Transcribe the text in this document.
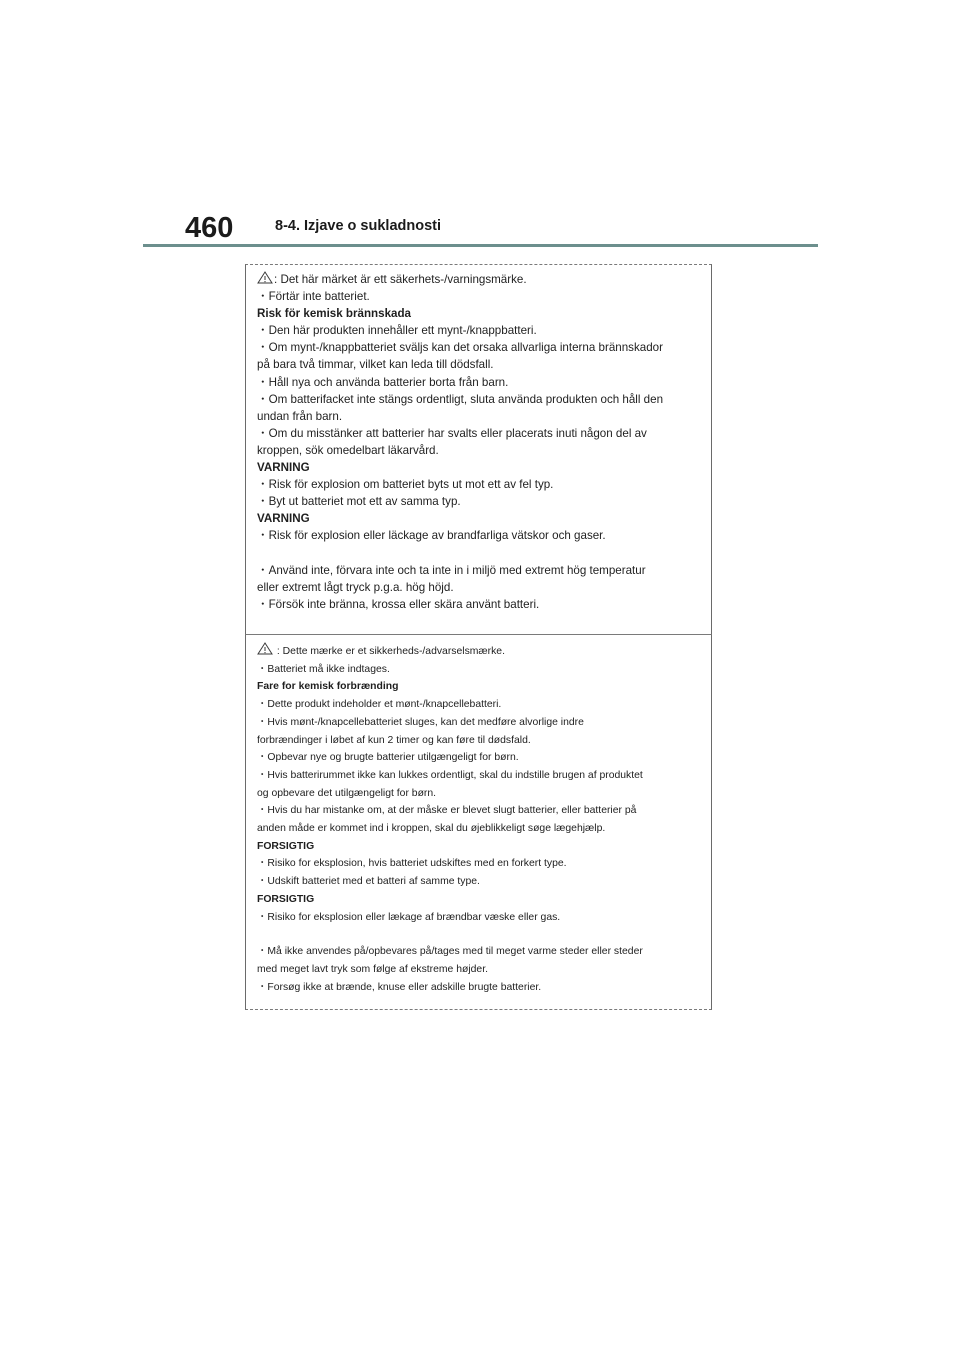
460	8-4. Izjave o sukladnosti
: Det här märket är ett säkerhets-/varningsmärke.
・Förtär inte batteriet.
Risk för kemisk brännskada
・Den här produkten innehåller ett mynt-/knappbatteri.
・Om mynt-/knappbatteriet sväljs kan det orsaka allvarliga interna brännskador
på bara två timmar, vilket kan leda till dödsfall.
・Håll nya och använda batterier borta från barn.
・Om batterifacket inte stängs ordentligt, sluta använda produkten och håll den
undan från barn.
・Om du misstänker att batterier har svalts eller placerats inuti någon del av
kroppen, sök omedelbart läkarvård.
VARNING
・Risk för explosion om batteriet byts ut mot ett av fel typ.
・Byt ut batteriet mot ett av samma typ.
VARNING
・Risk för explosion eller läckage av brandfarliga vätskor och gaser.
・Använd inte, förvara inte och ta inte in i miljö med extremt hög temperatur
eller extremt lågt tryck p.g.a. hög höjd.
・Försök inte bränna, krossa eller skära använt batteri.
: Dette mærke er et sikkerheds-/advarselsmærke.
・Batteriet må ikke indtages.
Fare for kemisk forbrænding
・Dette produkt indeholder et mønt-/knapcellebatteri.
・Hvis mønt-/knapcellebatteriet sluges, kan det medføre alvorlige indre
forbrændinger i løbet af kun 2 timer og kan føre til dødsfald.
・Opbevar nye og brugte batterier utilgængeligt for børn.
・Hvis batterirummet ikke kan lukkes ordentligt, skal du indstille brugen af produktet
og opbevare det utilgængeligt for børn.
・Hvis du har mistanke om, at der måske er blevet slugt batterier, eller batterier på
anden måde er kommet ind i kroppen, skal du øjeblikkeligt søge lægehjælp.
FORSIGTIG
・Risiko for eksplosion, hvis batteriet udskiftes med en forkert type.
・Udskift batteriet med et batteri af samme type.
FORSIGTIG
・Risiko for eksplosion eller lækage af brændbar væske eller gas.
・Må ikke anvendes på/opbevares på/tages med til meget varme steder eller steder
med meget lavt tryk som følge af ekstreme højder.
・Forsøg ikke at brænde, knuse eller adskille brugte batterier.
